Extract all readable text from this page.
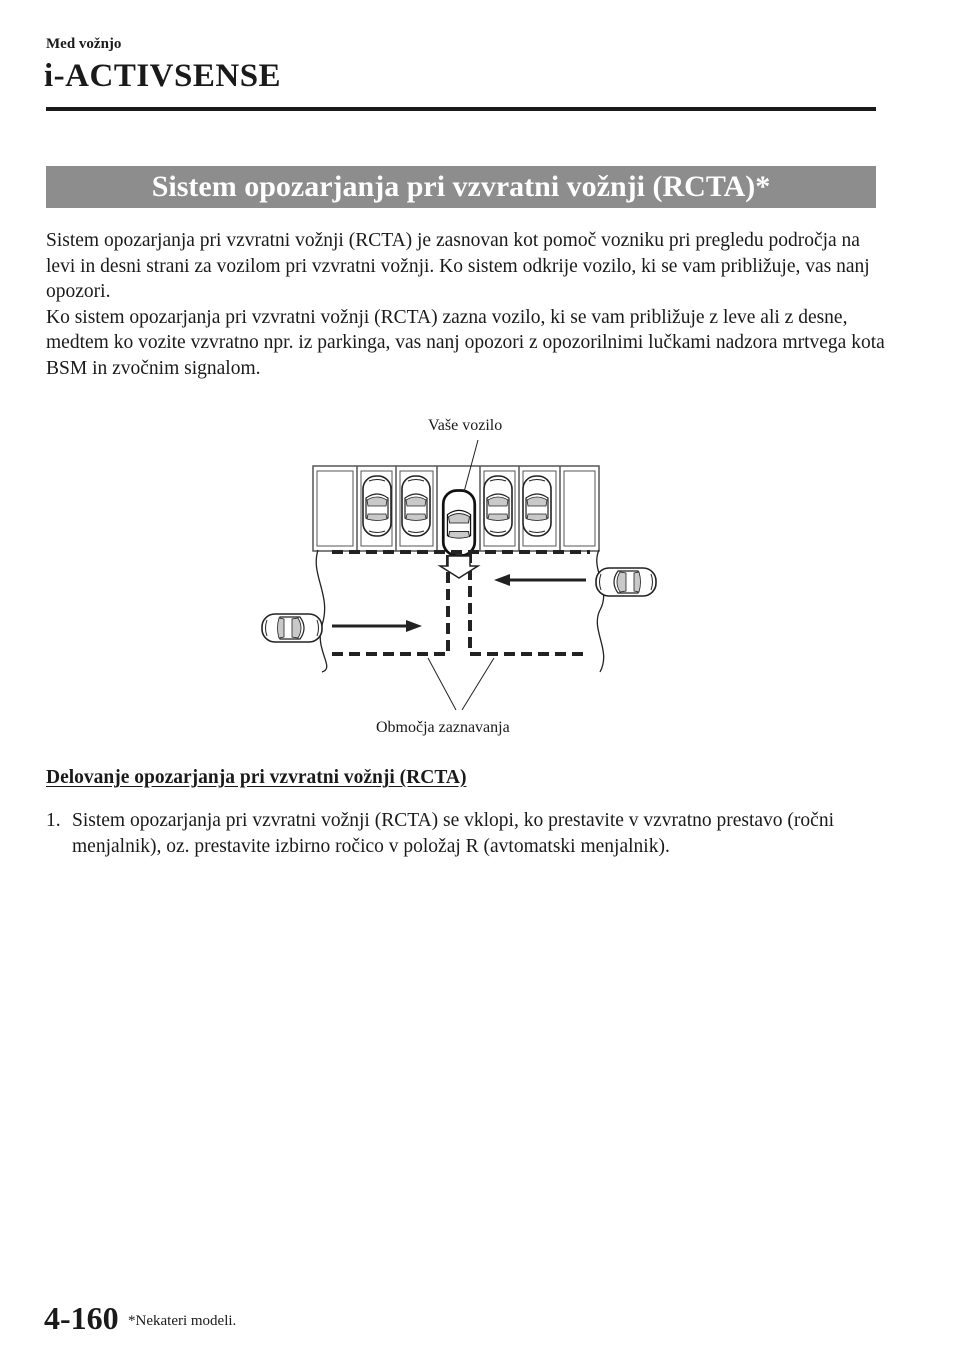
Med vožnjo
i-ACTIVSENSE
Sistem opozarjanja pri vzvratni vožnji (RCTA)*

Sistem opozarjanja pri vzvratni vožnji (RCTA) je zasnovan kot pomoč vozniku pri pregledu področja na levi in desni strani za vozilom pri vzvratni vožnji. Ko sistem odkrije vozilo, ki se vam približuje, vas nanj opozori.

Ko sistem opozarjanja pri vzvratni vožnji (RCTA) zazna vozilo, ki se vam približuje z leve ali z desne, medtem ko vozite vzvratno npr. iz parkinga, vas nanj opozori z opozorilnimi lučkami nadzora mrtvega kota BSM in zvočnim signalom.

Vaše vozilo
Območja zaznavanja
Delovanje opozarjanja pri vzvratni vožnji (RCTA)
1. Sistem opozarjanja pri vzvratni vožnji (RCTA) se vklopi, ko prestavite v vzvratno prestavo (ročni menjalnik), oz. prestavite izbirno ročico v položaj R (avtomatski menjalnik).
4-160 *Nekateri modeli.
